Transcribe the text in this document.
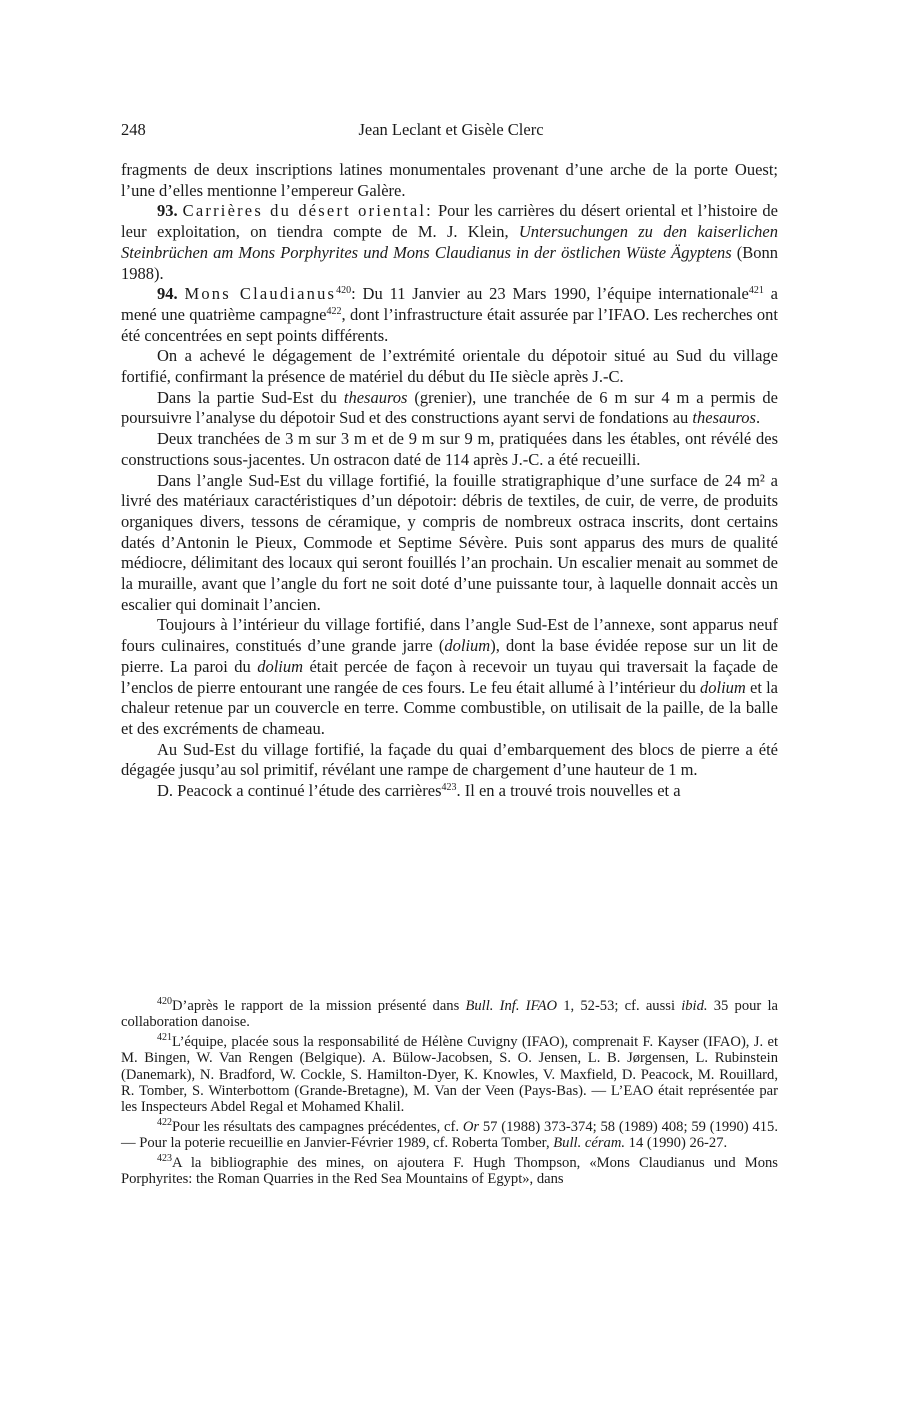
248	Jean Leclant et Gisèle Clerc

fragments de deux inscriptions latines monumentales provenant d’une arche de la porte Ouest; l’une d’elles mentionne l’empereur Galère.

93. Carrières du désert oriental: Pour les carrières du désert oriental et l’histoire de leur exploitation, on tiendra compte de M. J. Klein, Untersuchungen zu den kaiserlichen Steinbrüchen am Mons Porphyrites und Mons Claudianus in der östlichen Wüste Ägyptens (Bonn 1988).

94. Mons Claudianus$^{420}$: Du 11 Janvier au 23 Mars 1990, l’équipe internationale$^{421}$ a mené une quatrième campagne$^{422}$, dont l’infrastructure était assurée par l’IFAO. Les recherches ont été concentrées en sept points différents.

On a achevé le dégagement de l’extrémité orientale du dépotoir situé au Sud du village fortifié, confirmant la présence de matériel du début du IIe siècle après J.-C.

Dans la partie Sud-Est du thesauros (grenier), une tranchée de 6 m sur 4 m a permis de poursuivre l’analyse du dépotoir Sud et des constructions ayant servi de fondations au thesauros.

Deux tranchées de 3 m sur 3 m et de 9 m sur 9 m, pratiquées dans les étables, ont révélé des constructions sous-jacentes. Un ostracon daté de 114 après J.-C. a été recueilli.

Dans l’angle Sud-Est du village fortifié, la fouille stratigraphique d’une surface de 24 m² a livré des matériaux caractéristiques d’un dépotoir: débris de textiles, de cuir, de verre, de produits organiques divers, tessons de céramique, y compris de nombreux ostraca inscrits, dont certains datés d’Antonin le Pieux, Commode et Septime Sévère. Puis sont apparus des murs de qualité médiocre, délimitant des locaux qui seront fouillés l’an prochain. Un escalier menait au sommet de la muraille, avant que l’angle du fort ne soit doté d’une puissante tour, à laquelle donnait accès un escalier qui dominait l’ancien.

Toujours à l’intérieur du village fortifié, dans l’angle Sud-Est de l’annexe, sont apparus neuf fours culinaires, constitués d’une grande jarre (dolium), dont la base évidée repose sur un lit de pierre. La paroi du dolium était percée de façon à recevoir un tuyau qui traversait la façade de l’enclos de pierre entourant une rangée de ces fours. Le feu était allumé à l’intérieur du dolium et la chaleur retenue par un couvercle en terre. Comme combustible, on utilisait de la paille, de la balle et des excréments de chameau.

Au Sud-Est du village fortifié, la façade du quai d’embarquement des blocs de pierre a été dégagée jusqu’au sol primitif, révélant une rampe de chargement d’une hauteur de 1 m.

D. Peacock a continué l’étude des carrières$^{423}$. Il en a trouvé trois nouvelles et a

$^{420}$D’après le rapport de la mission présenté dans Bull. Inf. IFAO 1, 52-53; cf. aussi ibid. 35 pour la collaboration danoise.

$^{421}$L’équipe, placée sous la responsabilité de Hélène Cuvigny (IFAO), comprenait F. Kayser (IFAO), J. et M. Bingen, W. Van Rengen (Belgique). A. Bülow-Jacobsen, S. O. Jensen, L. B. Jørgensen, L. Rubinstein (Danemark), N. Bradford, W. Cockle, S. Hamilton-Dyer, K. Knowles, V. Maxfield, D. Peacock, M. Rouillard, R. Tomber, S. Winterbottom (Grande-Bretagne), M. Van der Veen (Pays-Bas). — L’EAO était représentée par les Inspecteurs Abdel Regal et Mohamed Khalil.

$^{422}$Pour les résultats des campagnes précédentes, cf. Or 57 (1988) 373-374; 58 (1989) 408; 59 (1990) 415. — Pour la poterie recueillie en Janvier-Février 1989, cf. Roberta Tomber, Bull. céram. 14 (1990) 26-27.

$^{423}$A la bibliographie des mines, on ajoutera F. Hugh Thompson, «Mons Claudianus und Mons Porphyrites: the Roman Quarries in the Red Sea Mountains of Egypt», dans
